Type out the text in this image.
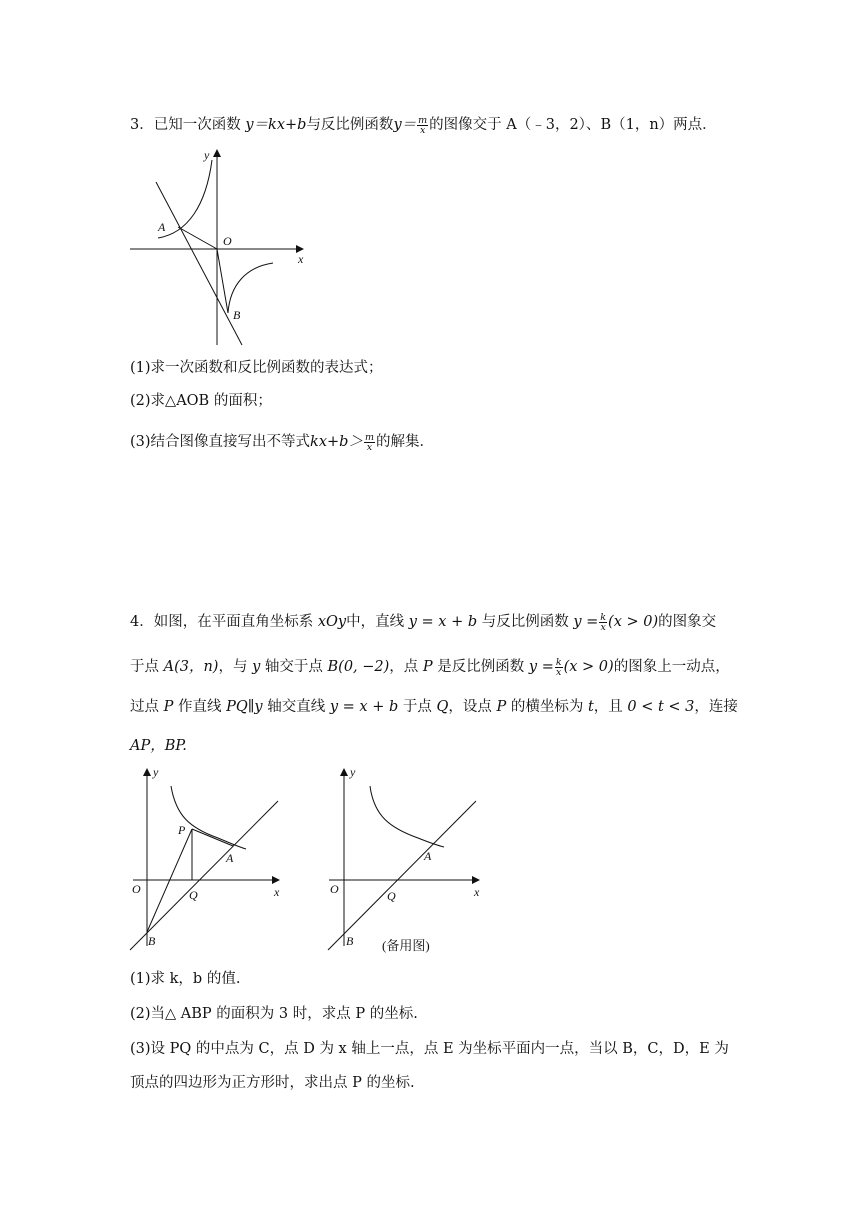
3．已知一次函数 y＝kx+b与反比例函数$y= \frac{m}{x}$ 的图像交于 A（﹣3，2）、B（1，n）两点．
y
x
O
A
B
(1)求一次函数和反比例函数的表达式；
(2)求△AOB 的面积；
(3)结合图像直接写出不等式$kx+b> \frac{m}{x}$ 的解集．
4．如图，在平面直角坐标系 xOy中，直线 y = x + b 与反比例函数 $y = \frac{k}{x} (x > 0)$的图象交
于点 A(3，n)，与 y 轴交于点 B(0, −2)，点 P 是反比例函数 $y = \frac{k}{x} (x > 0)$的图象上一动点，
过点 P 作直线 PQ∥y 轴交直线 y = x + b 于点 Q，设点 P 的横坐标为 t，且 0 < t < 3，连接
AP，BP.
y
x
O
P
A
Q
B
y
x
O
A
Q
B (备用图)
(1)求 k，b 的值.
(2)当△ ABP 的面积为 3 时，求点 P 的坐标.
(3)设 PQ 的中点为 C，点 D 为 x 轴上一点，点 E 为坐标平面内一点，当以 B，C，D，E 为
顶点的四边形为正方形时，求出点 P 的坐标.
